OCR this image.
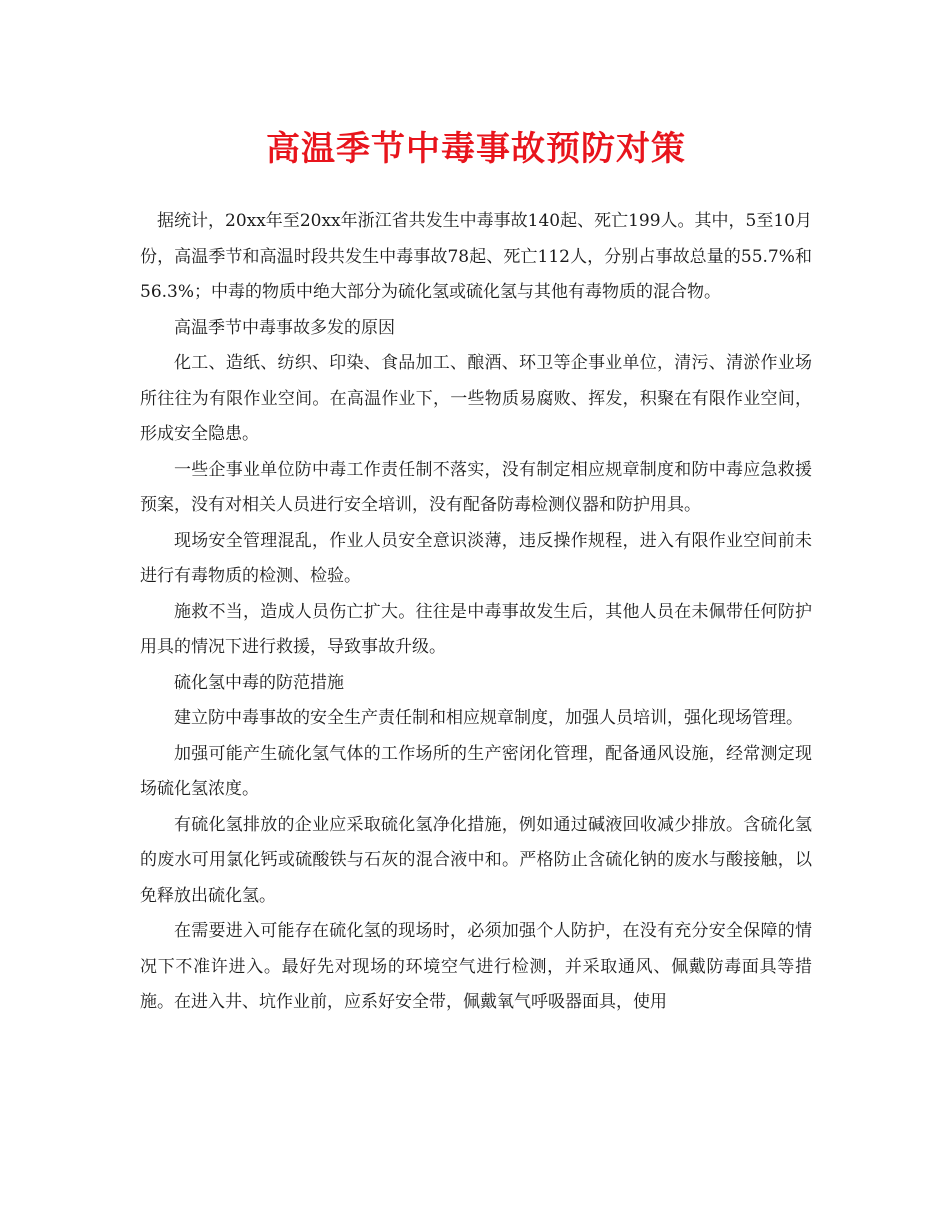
高温季节中毒事故预防对策

据统计，20xx年至20xx年浙江省共发生中毒事故140起、死亡199人。其中，5至10月份，高温季节和高温时段共发生中毒事故78起、死亡112人，分别占事故总量的55.7%和56.3%；中毒的物质中绝大部分为硫化氢或硫化氢与其他有毒物质的混合物。

高温季节中毒事故多发的原因

化工、造纸、纺织、印染、食品加工、酿酒、环卫等企事业单位，清污、清淤作业场所往往为有限作业空间。在高温作业下，一些物质易腐败、挥发，积聚在有限作业空间，形成安全隐患。

一些企事业单位防中毒工作责任制不落实，没有制定相应规章制度和防中毒应急救援预案，没有对相关人员进行安全培训，没有配备防毒检测仪器和防护用具。

现场安全管理混乱，作业人员安全意识淡薄，违反操作规程，进入有限作业空间前未进行有毒物质的检测、检验。

施救不当，造成人员伤亡扩大。往往是中毒事故发生后，其他人员在未佩带任何防护用具的情况下进行救援，导致事故升级。

硫化氢中毒的防范措施

建立防中毒事故的安全生产责任制和相应规章制度，加强人员培训，强化现场管理。

加强可能产生硫化氢气体的工作场所的生产密闭化管理，配备通风设施，经常测定现场硫化氢浓度。

有硫化氢排放的企业应采取硫化氢净化措施，例如通过碱液回收减少排放。含硫化氢的废水可用氯化钙或硫酸铁与石灰的混合液中和。严格防止含硫化钠的废水与酸接触，以免释放出硫化氢。

在需要进入可能存在硫化氢的现场时，必须加强个人防护，在没有充分安全保障的情况下不准许进入。最好先对现场的环境空气进行检测，并采取通风、佩戴防毒面具等措施。在进入井、坑作业前，应系好安全带，佩戴氧气呼吸器面具，使用
